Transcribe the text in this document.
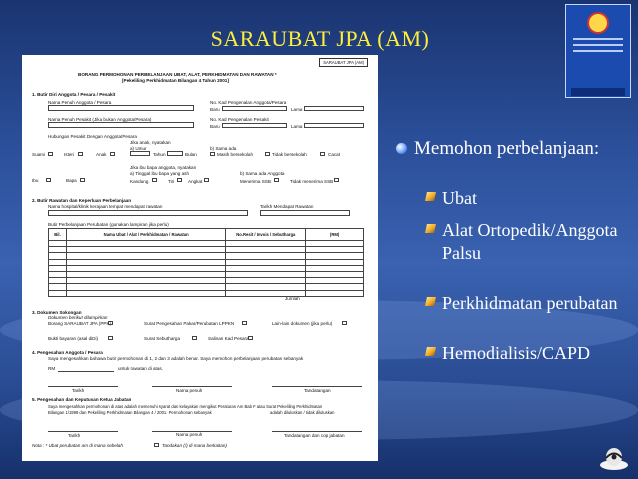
SARAUBAT JPA (AM)
SARAUBAT JPA (AM)
BORANG PERMOHONAN PERBELANJAAN UBAT, ALAT, PERKHIDMATAN DAN RAWATAN *
[Pekeliling Perkhidmatan Bilangan 4 Tahun 2001]
1. Butir Diri Anggota / Pesara / Pesakit
Nama Penuh Anggota / Pesara	No. Kad Pengenalan Anggota/Pesara
Baru	Lama
Nama Penuh Pesakit (Jika bukan Anggota/Pesara)	No. Kad Pengenalan Pesakit
Baru	Lama
Hubungan Pesakit Dengan Anggota/Pesara
Jika anak, nyatakan
a) Umur
Tahun	Bulan
b) Sama ada
Masih bersekolah	Tidak bersekolah	Cacat
Suami	Isteri	Anak
Jika ibu bapa anggota, nyatakan
a) Tinggal ibu bapa yang ash
Ibu	Bapa	Kandung	Tiri	Angkat
b) Sama ada Anggota
Menerima SSB	Tidak menerima SSB
2. Butir Rawatan dan Keperluan Perbelanjaan
Nama hospital/klinik kerajaan tempat mendapat rawatan	Tarikh Mendapat Rawatan
Butir Perbelanjaan Perubatan (gunakan lampiran jika perlu)
Bil.	Nama Ubat / Alat / Perkhidmatan / Rawatan	No.Resit / Invois / Sebutharga	(RM)

Jumlah
3. Dokumen Sokongan
Dokumen berikut dilampirkan
Borang SARAUBAT JPA (PPK)	Surat Pengesahan Pakar/Perubatan LPPKN	Lain-lain dokumen (jika perlu)
Bukti bayaran (asal diDi)	Surat Sebutharga	Salinan Kad Pesara
4. Pengesahan Anggota / Pesara
Saya mengesahkan bahawa butir permohonan di 1, 2 dan 3 adalah benar. Saya memohon perbelanjaan perubatan sebanyak
RM	untuk rawatan di atas.
Tarikh	Nama penuh	Tandatangan
5. Pengesahan dan Keputusan Ketua Jabatan
Saya mengesahkan permohonan di atas adalah memenuhi syarat dan kelayakan mengikut Peraturan Am Bab F atau Surat Pekeliling Perkhidmatan
Bilangan 1/1998 dan Pekeliling Perkhidmatan Bilangan 4 / 2001. Permohonan sebanyak	adalah diluluskan / tidak diluluskan
Tarikh	Nama penuh	Tandatangan dan cop jabatan
Nota : * Ubat perubatan am di mana sebelah	Tandakan (/) di mana berkaitan)
Memohon perbelanjaan:
Ubat
Alat Ortopedik/Anggota Palsu
Perkhidmatan perubatan
Hemodialisis/CAPD
